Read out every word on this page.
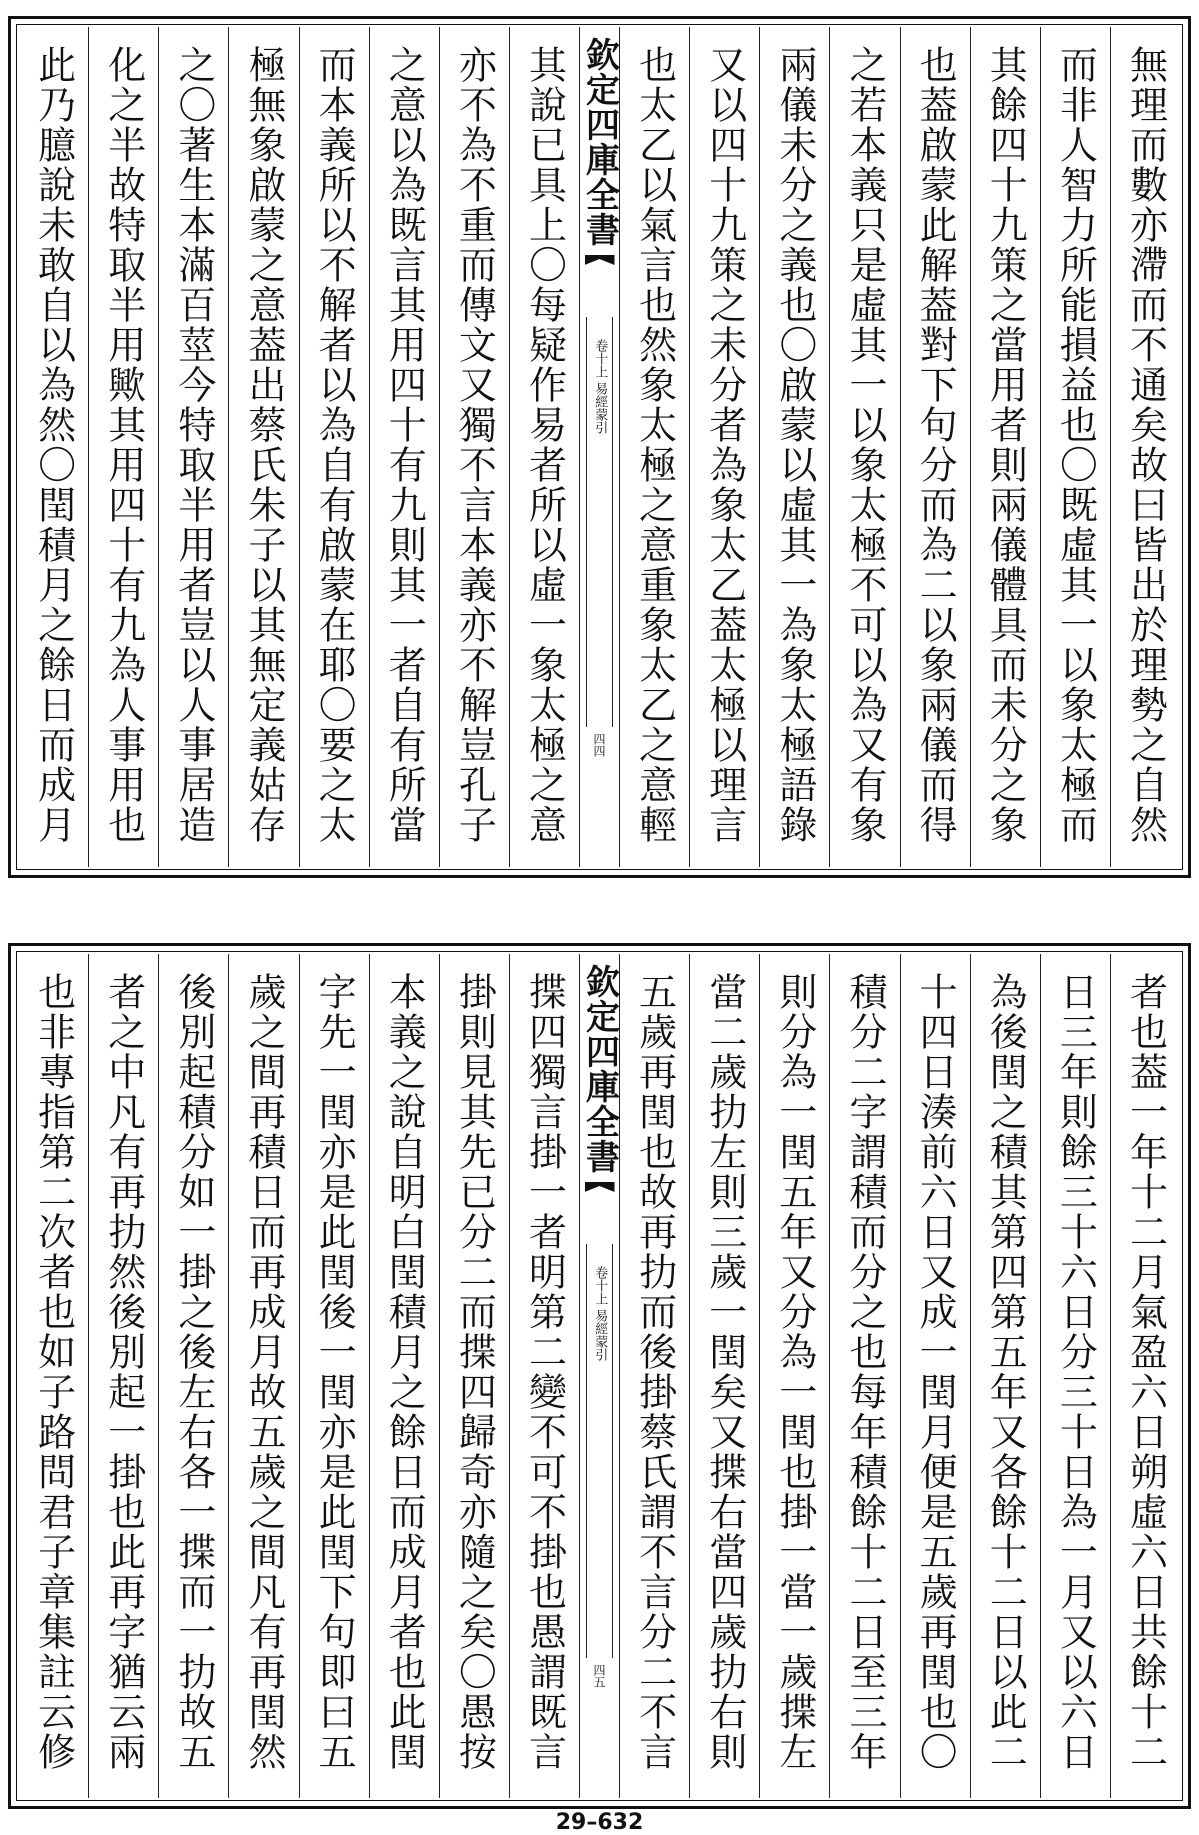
無理而數亦滯而不通矣故曰皆出於理勢之自然
而非人智力所能損益也〇既虛其一以象太極而
其餘四十九策之當用者則兩儀體具而未分之象
也葢啟蒙此解葢對下句分而為二以象兩儀而得
之若本義只是虛其一以象太極不可以為又有象
兩儀未分之義也〇啟蒙以虛其一為象太極語錄
又以四十九策之未分者為象太乙葢太極以理言
也太乙以氣言也然象太極之意重象太乙之意輕
欽定四庫全書
易經蒙引
卷十上
四四
其說已具上〇每疑作易者所以虛一象太極之意
亦不為不重而傳文又獨不言本義亦不解豈孔子
之意以為既言其用四十有九則其一者自有所當
而本義所以不解者以為自有啟蒙在耶〇要之太
極無象啟蒙之意葢出蔡氏朱子以其無定義姑存
之〇著生本滿百莖今特取半用者豈以人事居造
化之半故特取半用歟其用四十有九為人事用也
此乃臆說未敢自以為然〇閏積月之餘日而成月
者也葢一年十二月氣盈六日朔虛六日共餘十二
日三年則餘三十六日分三十日為一月又以六日
為後閏之積其第四第五年又各餘十二日以此二
十四日湊前六日又成一閏月便是五歲再閏也〇
積分二字謂積而分之也每年積餘十二日至三年
則分為一閏五年又分為一閏也掛一當一歲揲左
當二歲扐左則三歲一閏矣又揲右當四歲扐右則
五歲再閏也故再扐而後掛蔡氏謂不言分二不言
欽定四庫全書
易經蒙引
卷十上
四五
揲四獨言掛一者明第二變不可不掛也愚謂既言
掛則見其先已分二而揲四歸奇亦隨之矣〇愚按
本義之說自明白閏積月之餘日而成月者也此閏
字先一閏亦是此閏後一閏亦是此閏下句即曰五
歲之間再積日而再成月故五歲之間凡有再閏然
後別起積分如一掛之後左右各一揲而一扐故五
者之中凡有再扐然後別起一掛也此再字猶云兩
也非專指第二次者也如子路問君子章集註云修
29–632
